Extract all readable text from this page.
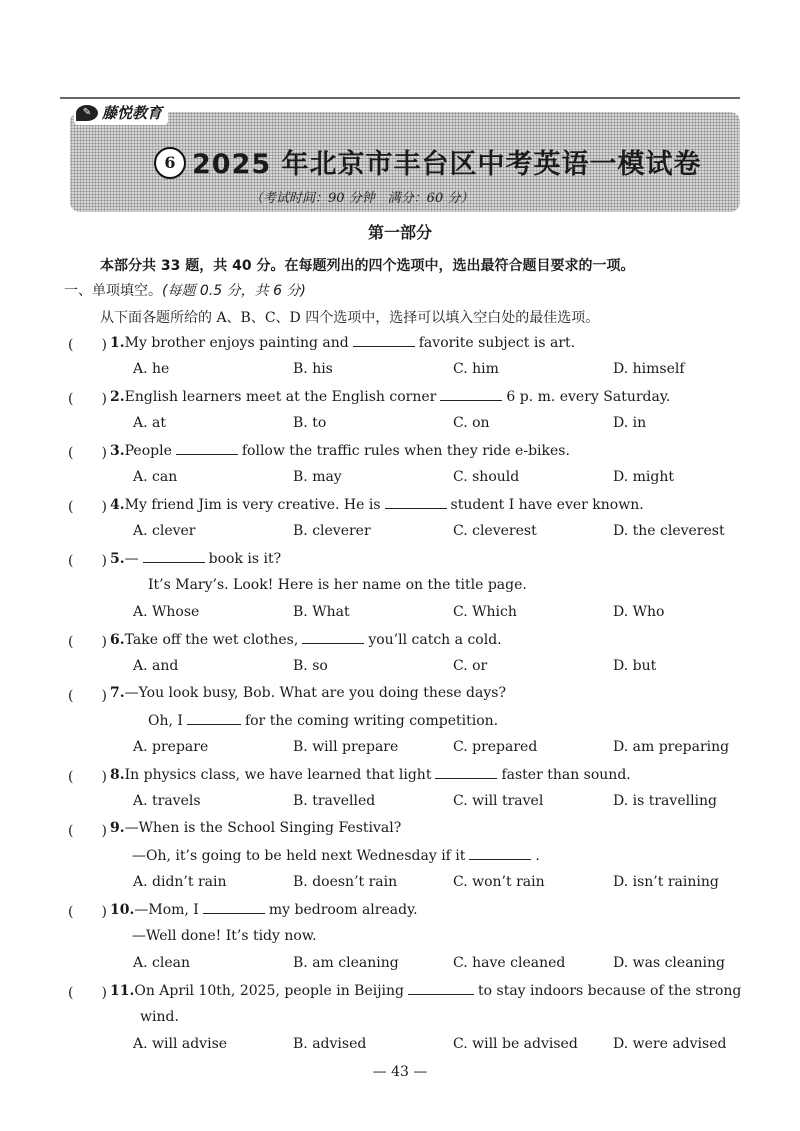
✎ 藤悦教育
6 2025 年北京市丰台区中考英语一模试卷
（考试时间：90 分钟　满分：60 分）
第一部分
本部分共 33 题，共 40 分。在每题列出的四个选项中，选出最符合题目要求的一项。
一、单项填空。(每题 0.5 分，共 6 分)
从下面各题所给的 A、B、C、D 四个选项中，选择可以填入空白处的最佳选项。
(　　) 1.My brother enjoys painting and	favorite subject is art.
A. he	B. his	C. him	D. himself
(　　) 2.English learners meet at the English corner	6 p. m. every Saturday.
A. at	B. to	C. on	D. in
(　　) 3.People	follow the traffic rules when they ride e-bikes.
A. can	B. may	C. should	D. might
(　　) 4.My friend Jim is very creative. He is	student I have ever known.
A. clever	B. cleverer	C. cleverest	D. the cleverest
(　　) 5.—	book is it?
It’s Mary’s. Look! Here is her name on the title page.
A. Whose	B. What	C. Which	D. Who
(　　) 6.Take off the wet clothes,	you’ll catch a cold.
A. and	B. so	C. or	D. but
(　　) 7.—You look busy, Bob. What are you doing these days?
Oh, I	for the coming writing competition.
A. prepare	B. will prepare	C. prepared	D. am preparing
(　　) 8.In physics class, we have learned that light	faster than sound.
A. travels	B. travelled	C. will travel	D. is travelling
(　　) 9.—When is the School Singing Festival?
—Oh, it’s going to be held next Wednesday if it	.
A. didn’t rain	B. doesn’t rain	C. won’t rain	D. isn’t raining
(　　) 10.—Mom, I	my bedroom already.
—Well done! It’s tidy now.
A. clean	B. am cleaning	C. have cleaned	D. was cleaning
(　　) 11.On April 10th, 2025, people in Beijing	to stay indoors because of the strong
wind.
A. will advise	B. advised	C. will be advised	D. were advised
— 43 —
